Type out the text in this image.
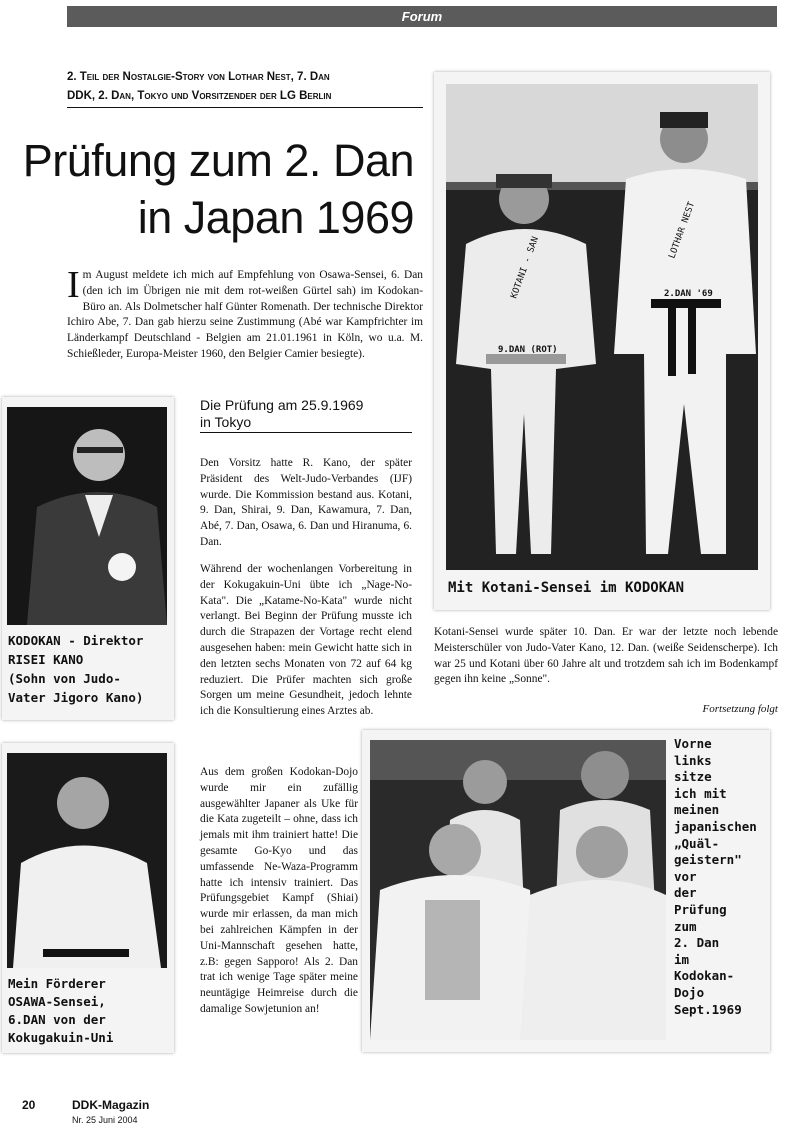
Forum
2. Teil der Nostalgie-Story von Lothar Nest, 7. Dan
DDK, 2. Dan, Tokyo und Vorsitzender der LG Berlin
Prüfung zum 2. Dan
in Japan 1969
I m August meldete ich mich auf Empfehlung von Osawa-Sensei, 6. Dan (den ich im Übrigen nie mit dem rot-weißen Gürtel sah) im Kodokan-Büro an. Als Dolmetscher half Günter Romenath. Der technische Direktor Ichiro Abe, 7. Dan gab hierzu seine Zustimmung (Abé war Kampfrichter im Länderkampf Deutschland - Belgien am 21.01.1961 in Köln, wo u.a. M. Schießleder, Europa-Meister 1960, den Belgier Camier besiegte).
KOTANI - SAN
9.DAN (ROT)
LOTHAR NEST
2.DAN '69
Mit Kotani-Sensei im KODOKAN
Kotani-Sensei wurde später 10. Dan. Er war der letzte noch lebende Meisterschüler von Judo-Vater Kano, 12. Dan. (weiße Seidenscherpe). Ich war 25 und Kotani über 60 Jahre alt und trotzdem sah ich im Bodenkampf gegen ihn keine „Sonne".
Fortsetzung folgt
Die Prüfung am 25.9.1969
in Tokyo
Den Vorsitz hatte R. Kano, der später Präsident des Welt-Judo-Verbandes (IJF) wurde. Die Kommission bestand aus. Kotani, 9. Dan, Shirai, 9. Dan, Kawamura, 7. Dan, Abé, 7. Dan, Osawa, 6. Dan und Hiranuma, 6. Dan.
Während der wochenlangen Vorbereitung in der Kokugakuin-Uni übte ich „Nage-No-Kata". Die „Katame-No-Kata" wurde nicht verlangt. Bei Beginn der Prüfung musste ich durch die Strapazen der Vortage recht elend ausgesehen haben: mein Gewicht hatte sich in den letzten sechs Monaten von 72 auf 64 kg reduziert. Die Prüfer machten sich große Sorgen um meine Gesundheit, jedoch lehnte ich die Konsultierung eines Arztes ab.
Aus dem großen Kodokan-Dojo wurde mir ein zufällig ausgewählter Japaner als Uke für die Kata zugeteilt – ohne, dass ich jemals mit ihm trainiert hatte! Die gesamte Go-Kyo und das umfassende Ne-Waza-Programm hatte ich intensiv trainiert. Das Prüfungsgebiet Kampf (Shiai) wurde mir erlassen, da man mich bei zahlreichen Kämpfen in der Uni-Mannschaft gesehen hatte, z.B: gegen Sapporo! Als 2. Dan trat ich wenige Tage später meine neuntägige Heimreise durch die damalige Sowjetunion an!
KODOKAN - Direktor
RISEI KANO
(Sohn von Judo-
Vater Jigoro Kano)
Mein Förderer
OSAWA-Sensei,
6.DAN von der
Kokugakuin-Uni
Vorne
links
sitze
ich mit
meinen
japanischen
„Quäl-
geistern"
vor
der
Prüfung
zum
2. Dan
im
Kodokan-
Dojo
Sept.1969
20	DDK-Magazin
Nr. 25 Juni 2004
